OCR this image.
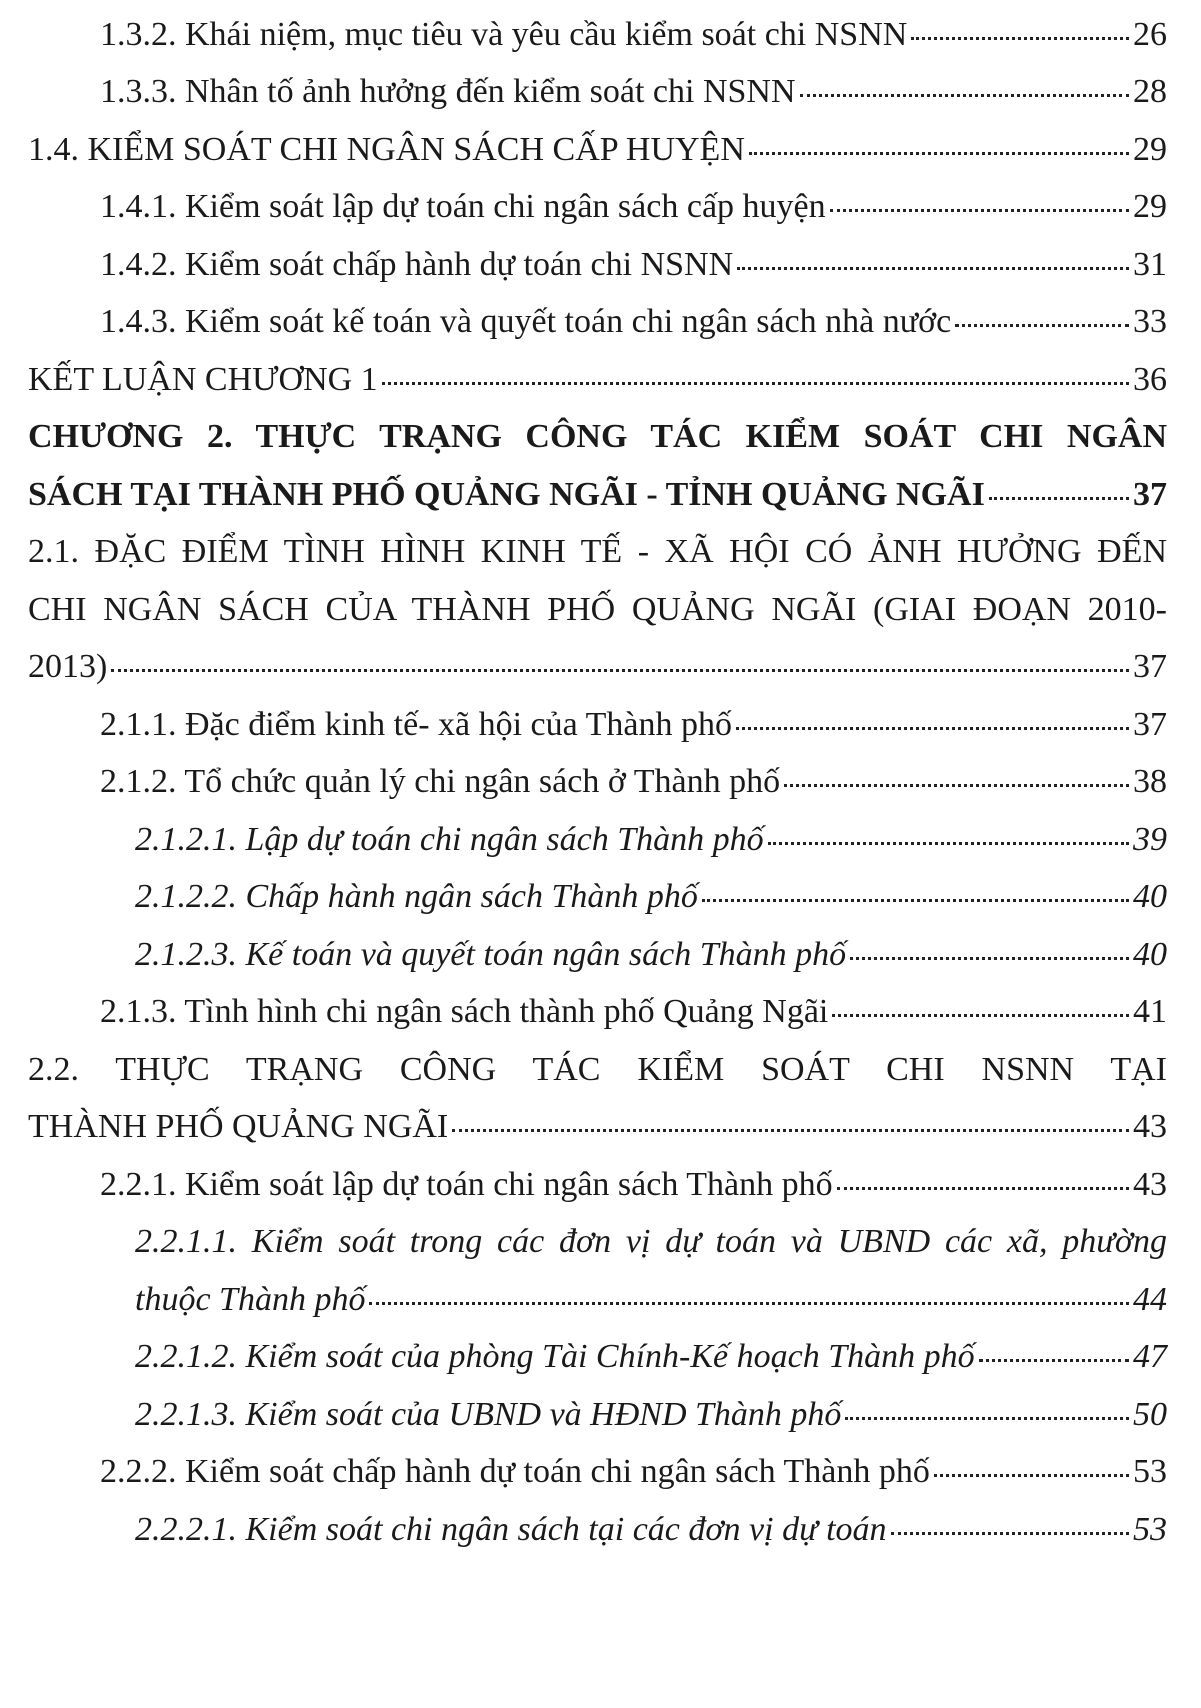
1.3.2. Khái niệm, mục tiêu và yêu cầu kiểm soát chi NSNN	26
1.3.3. Nhân tố ảnh hưởng đến kiểm soát chi NSNN	28
1.4. KIỂM SOÁT CHI NGÂN SÁCH CẤP HUYỆN	29
1.4.1. Kiểm soát lập dự toán chi ngân sách cấp huyện	29
1.4.2. Kiểm soát chấp hành dự toán chi NSNN	31
1.4.3. Kiểm soát kế toán và quyết toán chi ngân sách nhà nước	33
KẾT LUẬN CHƯƠNG 1	36
CHƯƠNG 2. THỰC TRẠNG CÔNG TÁC KIỂM SOÁT CHI NGÂN
SÁCH TẠI THÀNH PHỐ QUẢNG NGÃI - TỈNH QUẢNG NGÃI	37
2.1. ĐẶC ĐIỂM TÌNH HÌNH KINH TẾ - XÃ HỘI CÓ ẢNH HƯỞNG ĐẾN
CHI NGÂN SÁCH CỦA THÀNH PHỐ QUẢNG NGÃI (GIAI ĐOẠN 2010-
2013)	37
2.1.1. Đặc điểm kinh tế- xã hội của Thành phố	37
2.1.2. Tổ chức quản lý chi ngân sách ở Thành phố	38
2.1.2.1. Lập dự toán chi ngân sách Thành phố	39
2.1.2.2. Chấp hành ngân sách Thành phố	40
2.1.2.3. Kế toán và quyết toán ngân sách Thành phố	40
2.1.3. Tình hình chi ngân sách thành phố Quảng Ngãi	41
2.2. THỰC TRẠNG CÔNG TÁC KIỂM SOÁT CHI NSNN TẠI
THÀNH PHỐ QUẢNG NGÃI	43
2.2.1. Kiểm soát lập dự toán chi ngân sách Thành phố	43
2.2.1.1. Kiểm soát trong các đơn vị dự toán và UBND các xã, phường
thuộc Thành phố	44
2.2.1.2. Kiểm soát của phòng Tài Chính-Kế hoạch Thành phố	47
2.2.1.3. Kiểm soát của UBND và HĐND Thành phố	50
2.2.2. Kiểm soát chấp hành dự toán chi ngân sách Thành phố	53
2.2.2.1. Kiểm soát chi ngân sách tại các đơn vị dự toán	53
